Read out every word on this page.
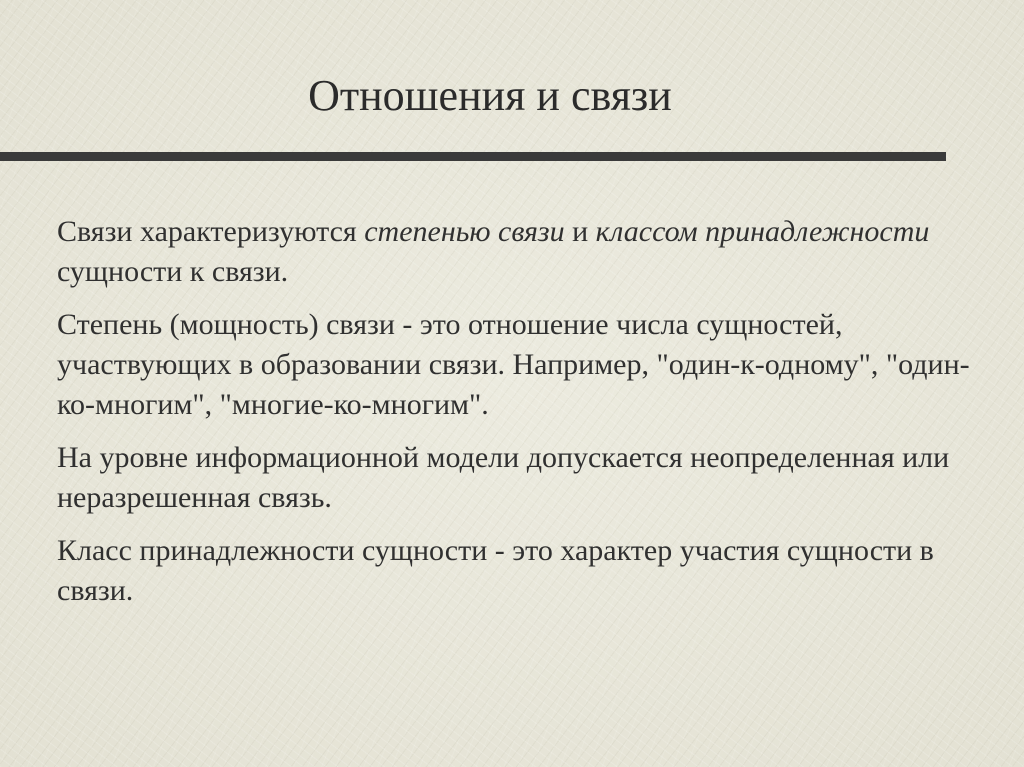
Отношения и связи

Связи характеризуются степенью связи и классом принадлежности сущности к связи.

Степень (мощность) связи - это отношение числа сущностей, участвующих в образовании связи. Например, "один-к-одному", "один-ко-многим", "многие-ко-многим".

На уровне информационной модели допускается неопределенная или неразрешенная связь.

Класс принадлежности сущности - это характер участия сущности в связи.
